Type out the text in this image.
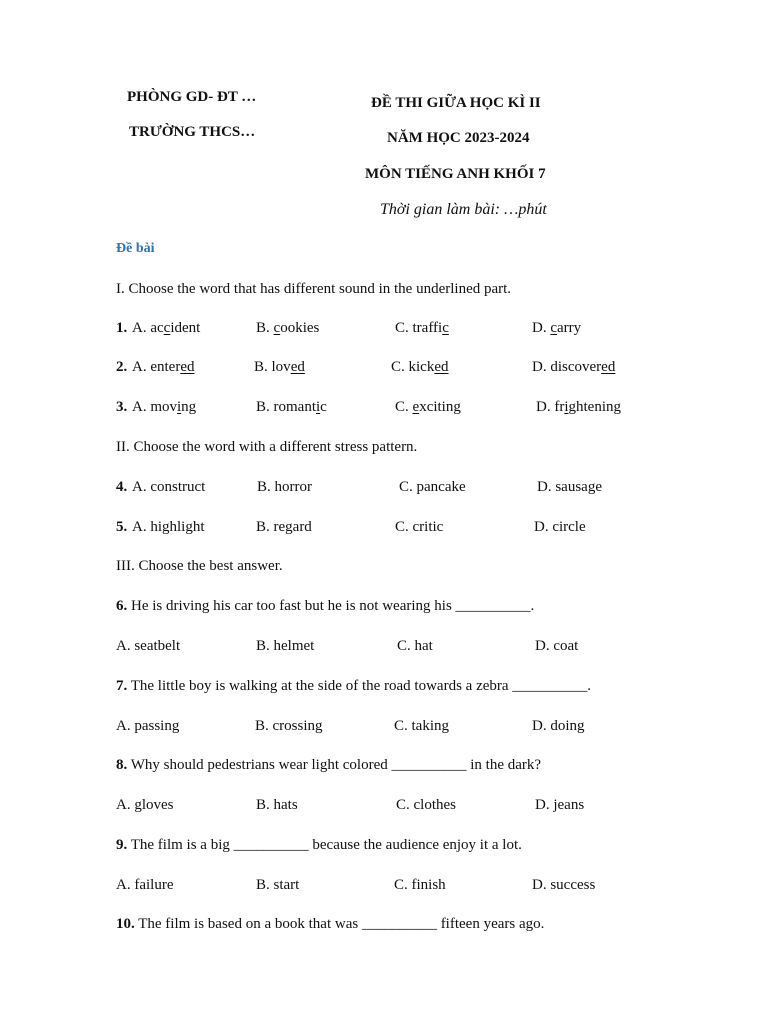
PHÒNG GD- ĐT …
TRƯỜNG THCS…
ĐỀ THI GIỮA HỌC KÌ II
NĂM HỌC 2023-2024
MÔN TIẾNG ANH KHỐI 7
Thời gian làm bài: …phút
Đề bài
I. Choose the word that has different sound in the underlined part.
1. A. accident	B. cookies	C. traffic	D. carry
2. A. entered	B. loved	C. kicked	D. discovered
3. A. moving	B. romantic	C. exciting	D. frightening
II. Choose the word with a different stress pattern.
4. A. construct	B. horror	C. pancake	D. sausage
5. A. highlight	B. regard	C. critic	D. circle
III. Choose the best answer.
6. He is driving his car too fast but he is not wearing his __________.
A. seatbelt	B. helmet	C. hat	D. coat
7. The little boy is walking at the side of the road towards a zebra __________.
A. passing	B. crossing	C. taking	D. doing
8. Why should pedestrians wear light colored __________ in the dark?
A. gloves	B. hats	C. clothes	D. jeans
9. The film is a big __________ because the audience enjoy it a lot.
A. failure	B. start	C. finish	D. success
10. The film is based on a book that was __________ fifteen years ago.
